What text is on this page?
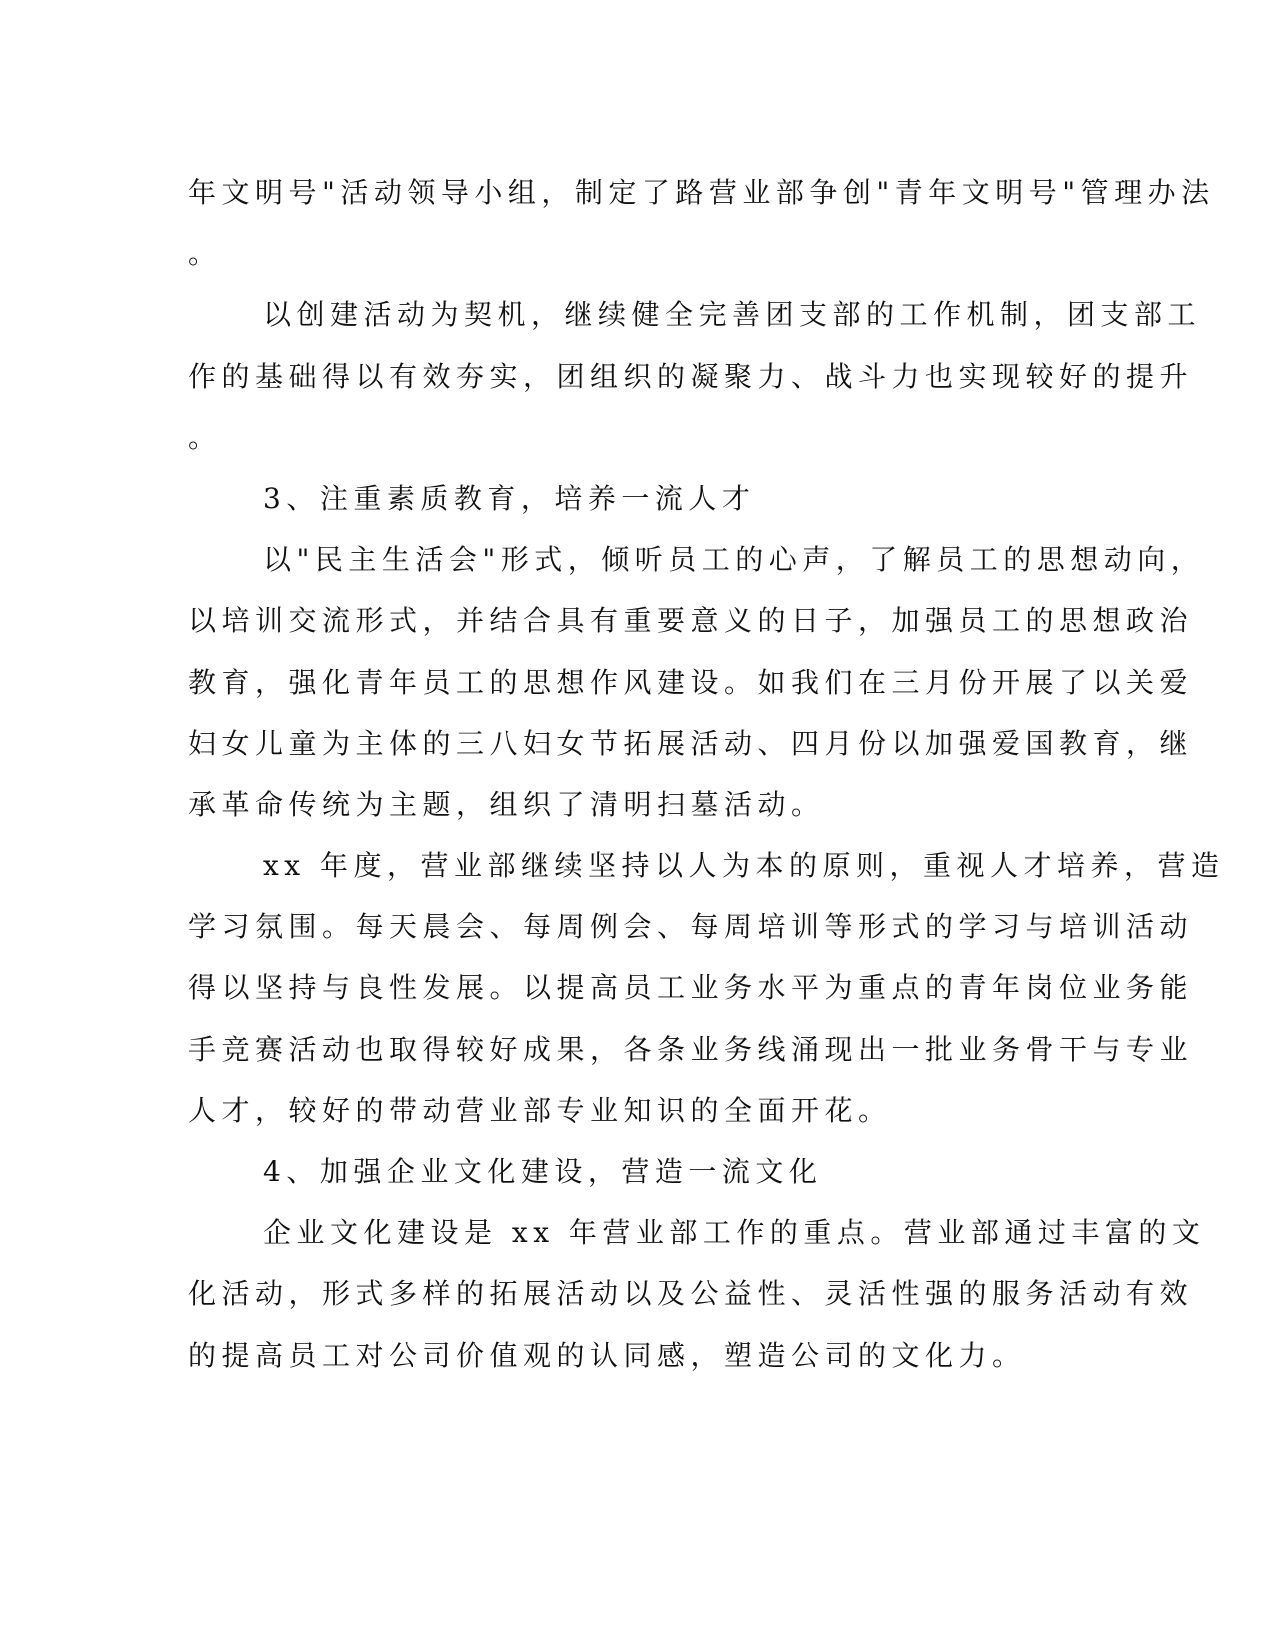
年文明号"活动领导小组，制定了路营业部争创"青年文明号"管理办法
。
以创建活动为契机，继续健全完善团支部的工作机制，团支部工
作的基础得以有效夯实，团组织的凝聚力、战斗力也实现较好的提升
。
3、注重素质教育，培养一流人才
以"民主生活会"形式，倾听员工的心声，了解员工的思想动向，
以培训交流形式，并结合具有重要意义的日子，加强员工的思想政治
教育，强化青年员工的思想作风建设。如我们在三月份开展了以关爱
妇女儿童为主体的三八妇女节拓展活动、四月份以加强爱国教育，继
承革命传统为主题，组织了清明扫墓活动。
xx 年度，营业部继续坚持以人为本的原则，重视人才培养，营造
学习氛围。每天晨会、每周例会、每周培训等形式的学习与培训活动
得以坚持与良性发展。以提高员工业务水平为重点的青年岗位业务能
手竞赛活动也取得较好成果，各条业务线涌现出一批业务骨干与专业
人才，较好的带动营业部专业知识的全面开花。
4、加强企业文化建设，营造一流文化
企业文化建设是 xx 年营业部工作的重点。营业部通过丰富的文
化活动，形式多样的拓展活动以及公益性、灵活性强的服务活动有效
的提高员工对公司价值观的认同感，塑造公司的文化力。
